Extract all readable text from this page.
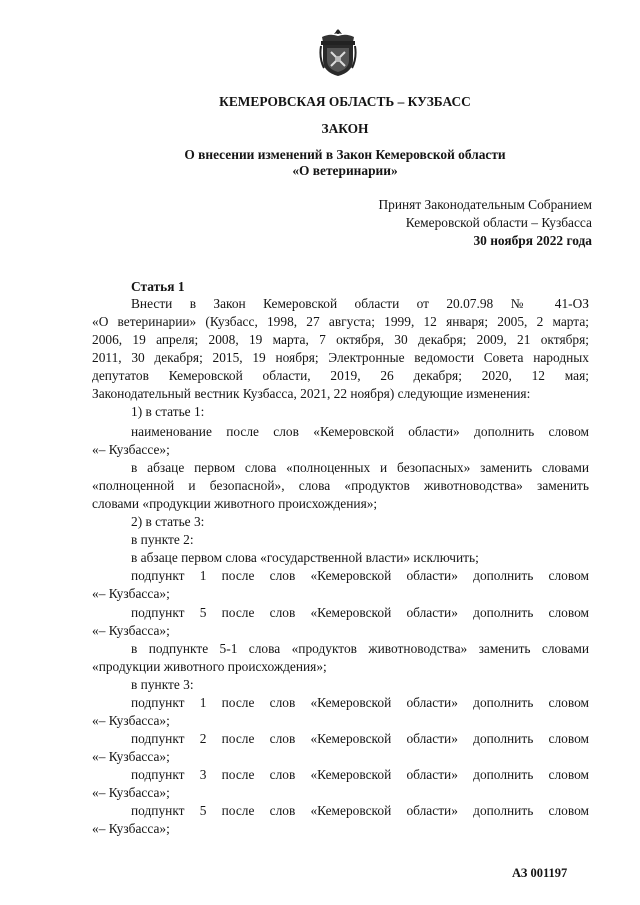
КЕМЕРОВСКАЯ ОБЛАСТЬ – КУЗБАСС
ЗАКОН
О внесении изменений в Закон Кемеровской области
«О ветеринарии»
Принят Законодательным Собранием
Кемеровской области – Кузбасса
30 ноября 2022 года
Статья 1
Внести в Закон Кемеровской области от 20.07.98 № 41-ОЗ
«О ветеринарии» (Кузбасс, 1998, 27 августа; 1999, 12 января; 2005, 2 марта;
2006, 19 апреля; 2008, 19 марта, 7 октября, 30 декабря; 2009, 21 октября;
2011, 30 декабря; 2015, 19 ноября; Электронные ведомости Совета народных
депутатов Кемеровской области, 2019, 26 декабря; 2020, 12 мая;
Законодательный вестник Кузбасса, 2021, 22 ноября) следующие изменения:
1) в статье 1:
наименование после слов «Кемеровской области» дополнить словом
«– Кузбассе»;
в абзаце первом слова «полноценных и безопасных» заменить словами
«полноценной и безопасной», слова «продуктов животноводства» заменить
словами «продукции животного происхождения»;
2) в статье 3:
в пункте 2:
в абзаце первом слова «государственной власти» исключить;
подпункт 1 после слов «Кемеровской области» дополнить словом
«– Кузбасса»;
подпункт 5 после слов «Кемеровской области» дополнить словом
«– Кузбасса»;
в подпункте 5-1 слова «продуктов животноводства» заменить словами
«продукции животного происхождения»;
в пункте 3:
подпункт 1 после слов «Кемеровской области» дополнить словом
«– Кузбасса»;
подпункт 2 после слов «Кемеровской области» дополнить словом
«– Кузбасса»;
подпункт 3 после слов «Кемеровской области» дополнить словом
«– Кузбасса»;
подпункт 5 после слов «Кемеровской области» дополнить словом
«– Кузбасса»;
АЗ 001197
